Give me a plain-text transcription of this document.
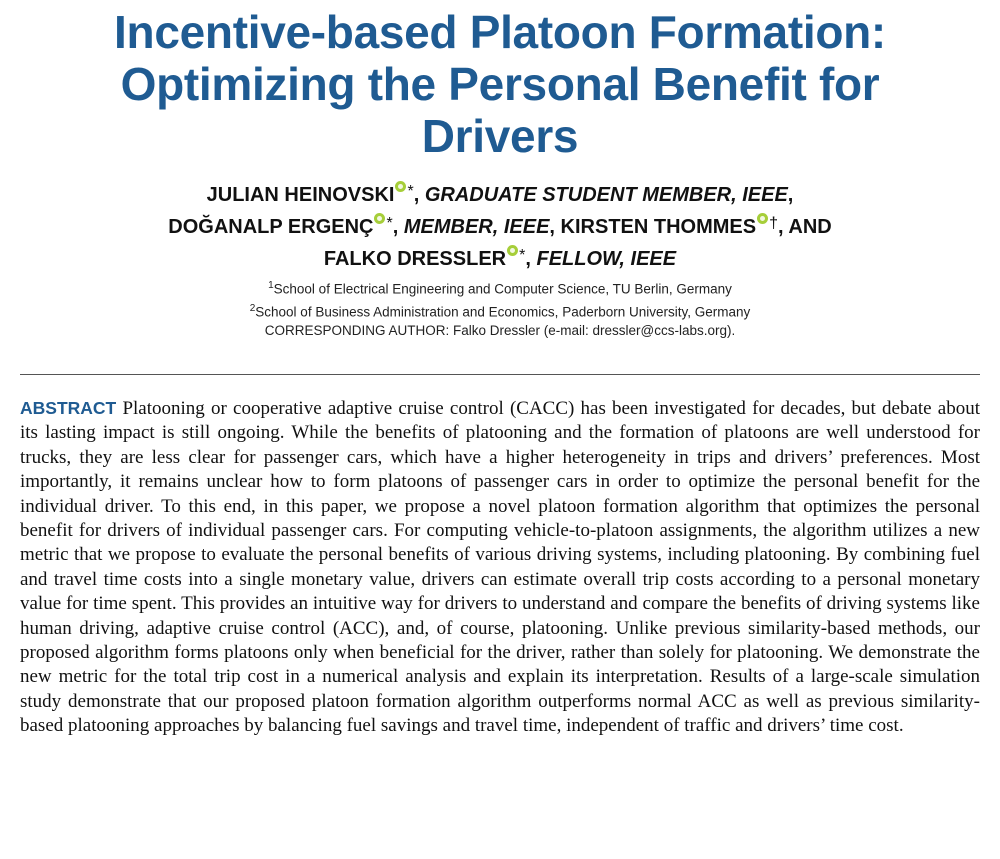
Incentive-based Platoon Formation:
Optimizing the Personal Benefit for
Drivers
JULIAN HEINOVSKI *, GRADUATE STUDENT MEMBER, IEEE,
DOĞANALP ERGENÇ *, MEMBER, IEEE, KIRSTEN THOMMES †, AND
FALKO DRESSLER *, FELLOW, IEEE
$^1$School of Electrical Engineering and Computer Science, TU Berlin, Germany
$^2$School of Business Administration and Economics, Paderborn University, Germany
CORRESPONDING AUTHOR: Falko Dressler (e-mail: dressler@ccs-labs.org).

ABSTRACT Platooning or cooperative adaptive cruise control (CACC) has been investigated for decades, but debate about its lasting impact is still ongoing. While the benefits of platooning and the formation of platoons are well understood for trucks, they are less clear for passenger cars, which have a higher heterogeneity in trips and drivers’ preferences. Most importantly, it remains unclear how to form platoons of passenger cars in order to optimize the personal benefit for the individual driver. To this end, in this paper, we propose a novel platoon formation algorithm that optimizes the personal benefit for drivers of individual passenger cars. For computing vehicle-to-platoon assignments, the algorithm utilizes a new metric that we propose to evaluate the personal benefits of various driving systems, including platooning. By combining fuel and travel time costs into a single monetary value, drivers can estimate overall trip costs according to a personal monetary value for time spent. This provides an intuitive way for drivers to understand and compare the benefits of driving systems like human driving, adaptive cruise control (ACC), and, of course, platooning. Unlike previous similarity-based methods, our proposed algorithm forms platoons only when beneficial for the driver, rather than solely for platooning. We demonstrate the new metric for the total trip cost in a numerical analysis and explain its interpretation. Results of a large-scale simulation study demonstrate that our proposed platoon formation algorithm outperforms normal ACC as well as previous similarity-based platooning approaches by balancing fuel savings and travel time, independent of traffic and drivers’ time cost.
